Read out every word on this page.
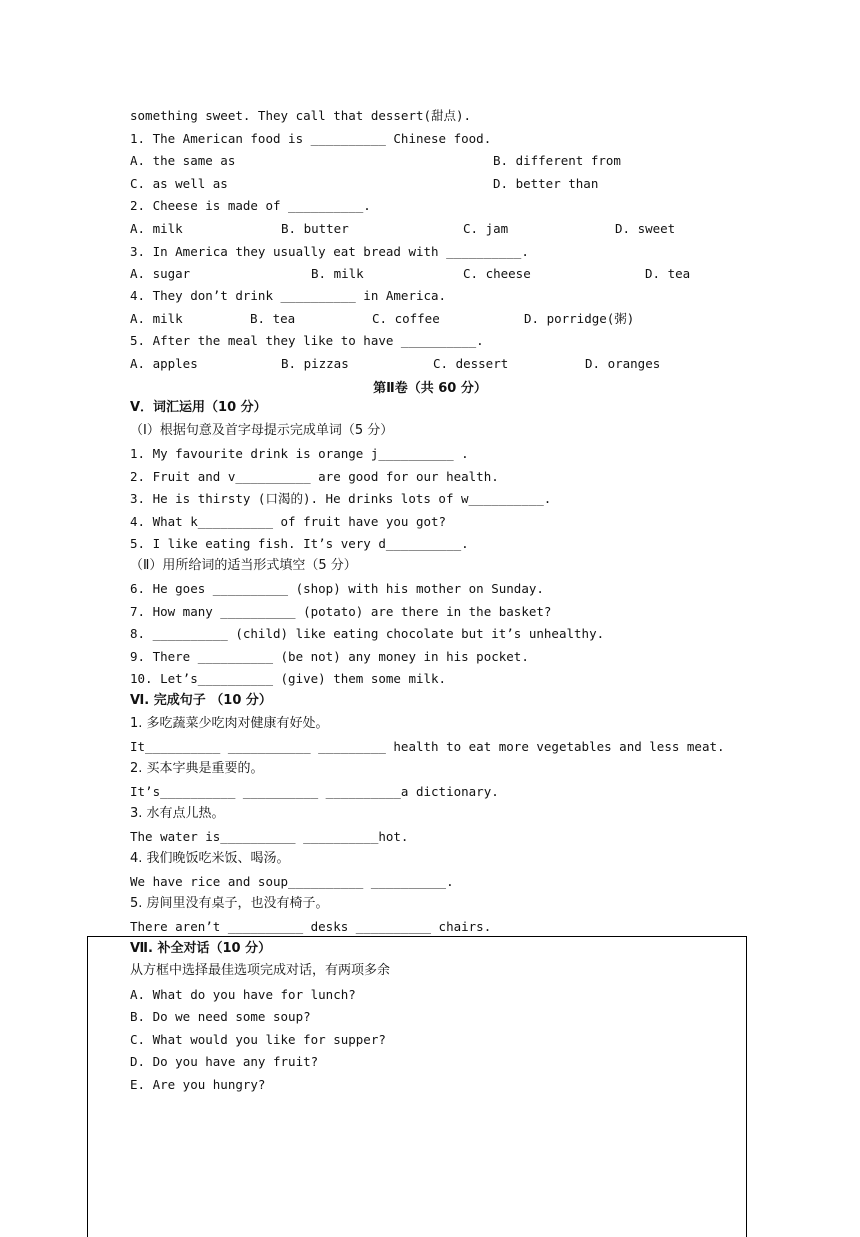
something sweet. They call that dessert(甜点).
1. The American food is __________ Chinese food.
A. the same as	B. different from
C. as well as	D. better than
2. Cheese is made of __________.
A. milk	B. butter	C. jam	D. sweet
3. In America they usually eat bread with __________.
A. sugar	B. milk	C. cheese	D. tea
4. They don’t drink __________ in America.
A. milk	B. tea	C. coffee	D. porridge(粥)
5. After the meal they like to have __________.
A. apples	B. pizzas	C. dessert	D. oranges
第Ⅱ卷（共 60 分）
V．词汇运用（10 分）
（Ⅰ）根据句意及首字母提示完成单词（5 分）
1. My favourite drink is orange j__________ .
2. Fruit and v__________ are good for our health.
3. He is thirsty (口渴的). He drinks lots of w__________.
4. What k__________ of fruit have you got?
5. I like eating fish. It’s very d__________.
（Ⅱ）用所给词的适当形式填空（5 分）
6. He goes __________ (shop) with his mother on Sunday.
7. How many __________ (potato) are there in the basket?
8. __________ (child) like eating chocolate but it’s unhealthy.
9. There __________ (be not) any money in his pocket.
10. Let’s__________ (give) them some milk.
Ⅵ. 完成句子 （10 分）
1. 多吃蔬菜少吃肉对健康有好处。
It__________ ___________ _________ health to eat more vegetables and less meat.
2. 买本字典是重要的。
It’s__________ __________ __________a dictionary.
3. 水有点儿热。
The water is__________ __________hot.
4. 我们晚饭吃米饭、喝汤。
We have rice and soup__________ __________.
5. 房间里没有桌子，也没有椅子。
There aren’t __________ desks __________ chairs.
Ⅶ. 补全对话（10 分）
从方框中选择最佳选项完成对话，有两项多余
A. What do you have for lunch?
B. Do we need some soup?
C. What would you like for supper?
D. Do you have any fruit?
E. Are you hungry?
